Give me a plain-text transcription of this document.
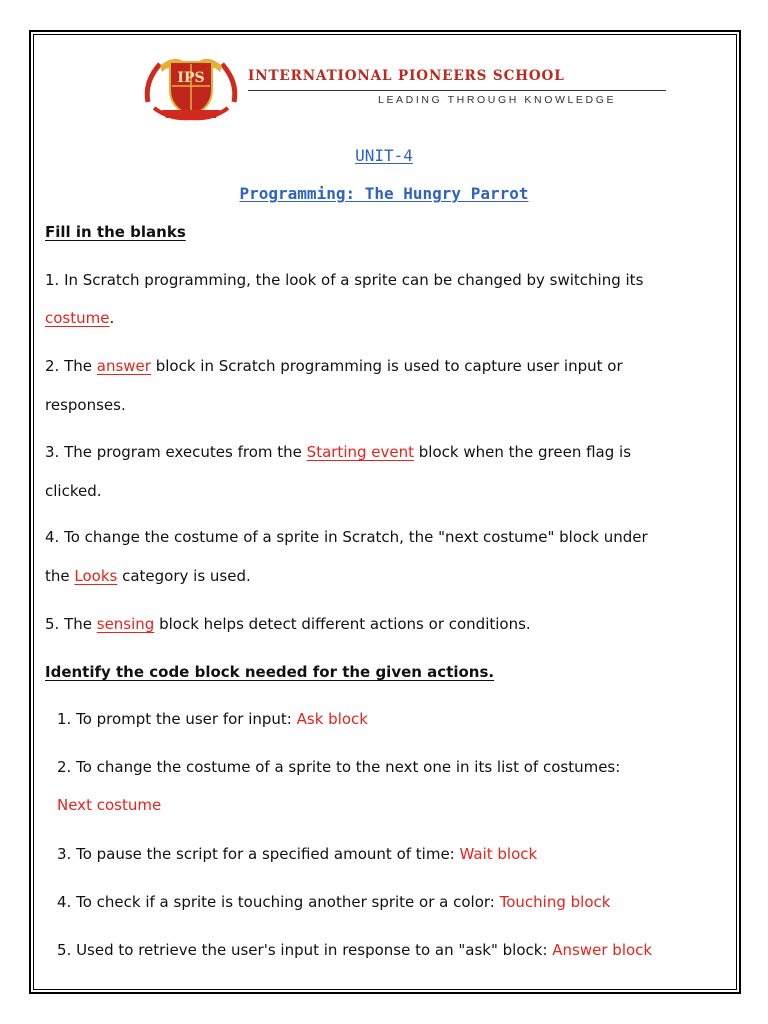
IPS	INTERNATIONAL PIONEERS SCHOOL
LEADING THROUGH KNOWLEDGE
UNIT-4
Programming: The Hungry Parrot
Fill in the blanks
1. In Scratch programming, the look of a sprite can be changed by switching its
costume.
2. The answer block in Scratch programming is used to capture user input or
responses.
3. The program executes from the Starting event block when the green flag is
clicked.
4. To change the costume of a sprite in Scratch, the "next costume" block under
the Looks category is used.
5. The sensing block helps detect different actions or conditions.
Identify the code block needed for the given actions.
1. To prompt the user for input: Ask block
2. To change the costume of a sprite to the next one in its list of costumes:
Next costume
3. To pause the script for a specified amount of time: Wait block
4. To check if a sprite is touching another sprite or a color: Touching block
5. Used to retrieve the user's input in response to an "ask" block: Answer block
